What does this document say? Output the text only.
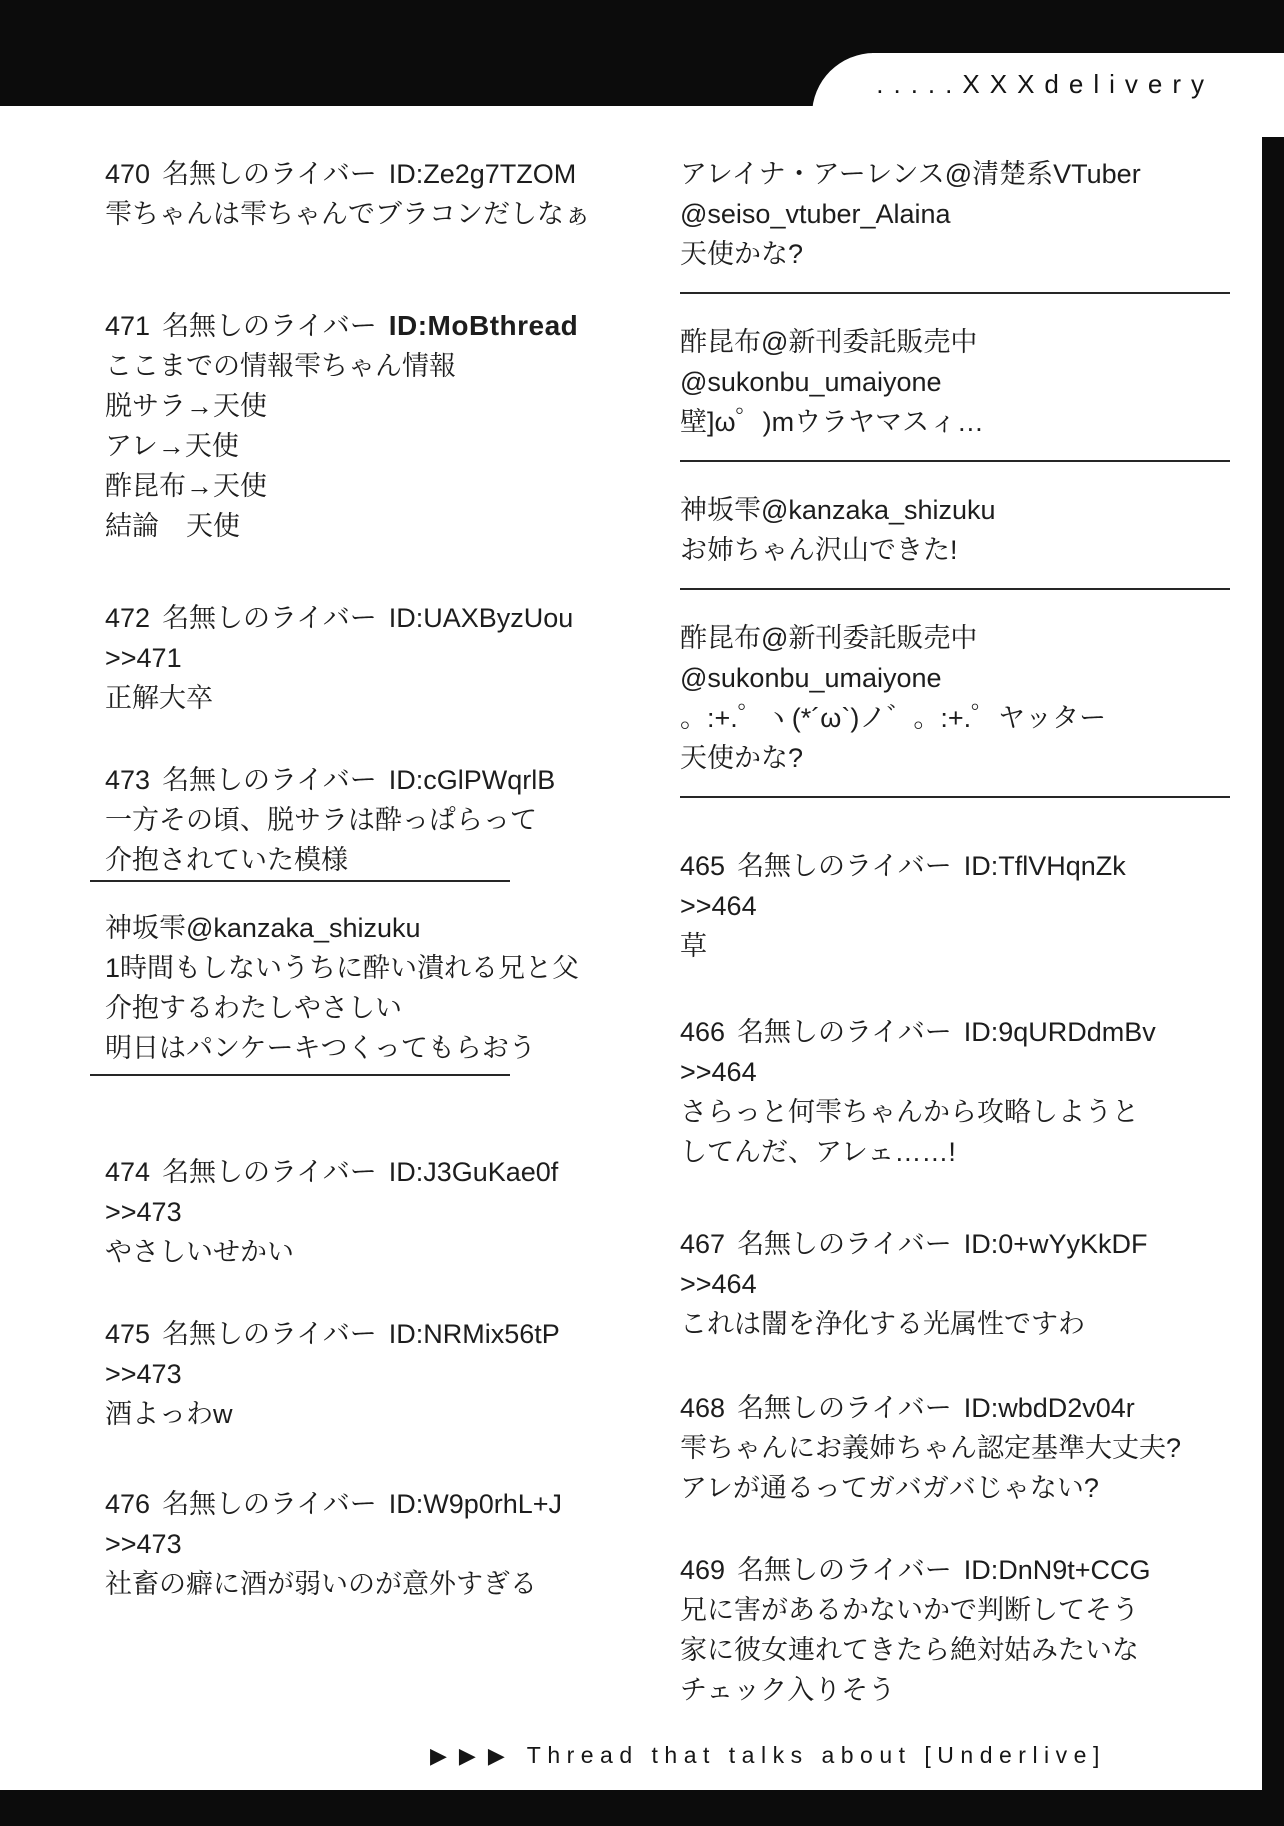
.....XXXdelivery
▶▶▶ Thread that talks about [Underlive]
470 名無しのライバー ID:Ze2g7TZOM
雫ちゃんは雫ちゃんでブラコンだしなぁ
471 名無しのライバー ID:MoBthread
ここまでの情報雫ちゃん情報
脱サラ→天使
アレ→天使
酢昆布→天使
結論　天使
472 名無しのライバー ID:UAXByzUou
>>471
正解大卒
473 名無しのライバー ID:cGlPWqrlB
一方その頃、脱サラは酔っぱらって
介抱されていた模様
神坂雫@kanzaka_shizuku
1時間もしないうちに酔い潰れる兄と父
介抱するわたしやさしい
明日はパンケーキつくってもらおう
474 名無しのライバー ID:J3GuKae0f
>>473
やさしいせかい
475 名無しのライバー ID:NRMix56tP
>>473
酒よっわw
476 名無しのライバー ID:W9p0rhL+J
>>473
社畜の癖に酒が弱いのが意外すぎる
アレイナ・アーレンス@清楚系VTuber
@seiso_vtuber_Alaina
天使かな?
酢昆布@新刊委託販売中
@sukonbu_umaiyone
壁]ω゜)mウラヤマスィ…
神坂雫@kanzaka_shizuku
お姉ちゃん沢山できた!
酢昆布@新刊委託販売中
@sukonbu_umaiyone
。:+.゜ヽ(*´ω`)ノ゛。:+.゜ヤッター
天使かな?
465 名無しのライバー ID:TflVHqnZk
>>464
草
466 名無しのライバー ID:9qURDdmBv
>>464
さらっと何雫ちゃんから攻略しようと
してんだ、アレェ……!
467 名無しのライバー ID:0+wYyKkDF
>>464
これは闇を浄化する光属性ですわ
468 名無しのライバー ID:wbdD2v04r
雫ちゃんにお義姉ちゃん認定基準大丈夫?
アレが通るってガバガバじゃない?
469 名無しのライバー ID:DnN9t+CCG
兄に害があるかないかで判断してそう
家に彼女連れてきたら絶対姑みたいな
チェック入りそう
